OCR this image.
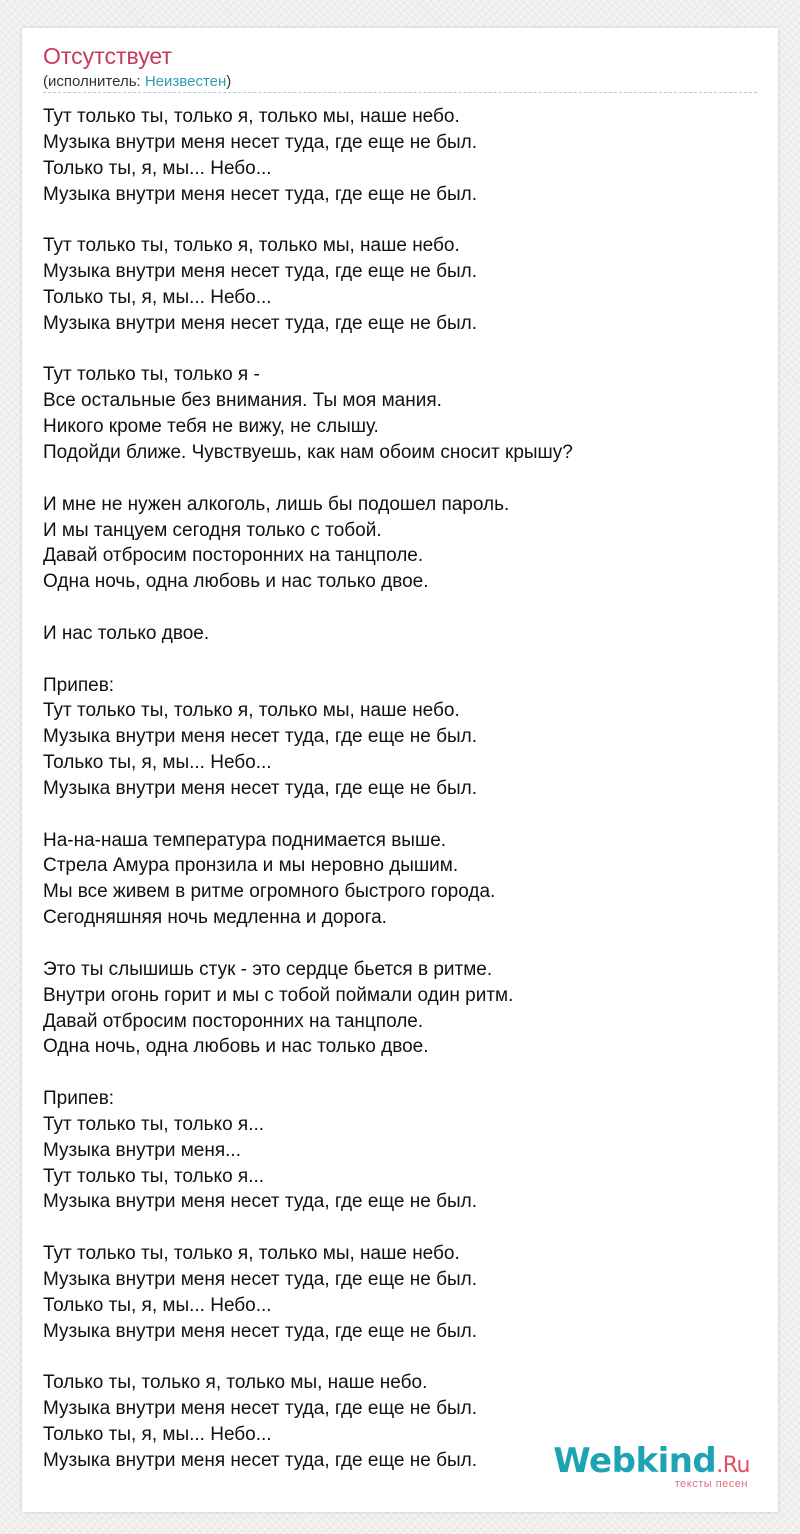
Отсутствует
(исполнитель: Неизвестен)
Тут только ты, только я, только мы, наше небо.
Музыка внутри меня несет туда, где еще не был.
Только ты, я, мы... Небо...
Музыка внутри меня несет туда, где еще не был.
Тут только ты, только я, только мы, наше небо.
Музыка внутри меня несет туда, где еще не был.
Только ты, я, мы... Небо...
Музыка внутри меня несет туда, где еще не был.
Тут только ты, только я -
Все остальные без внимания. Ты моя мания.
Никого кроме тебя не вижу, не слышу.
Подойди ближе. Чувствуешь, как нам обоим сносит крышу?
И мне не нужен алкоголь, лишь бы подошел пароль.
И мы танцуем сегодня только с тобой.
Давай отбросим посторонних на танцполе.
Одна ночь, одна любовь и нас только двое.
И нас только двое.
Припев:
Тут только ты, только я, только мы, наше небо.
Музыка внутри меня несет туда, где еще не был.
Только ты, я, мы... Небо...
Музыка внутри меня несет туда, где еще не был.
На-на-наша температура поднимается выше.
Стрела Амура пронзила и мы неровно дышим.
Мы все живем в ритме огромного быстрого города.
Сегодняшняя ночь медленна и дорога.
Это ты слышишь стук - это сердце бьется в ритме.
Внутри огонь горит и мы с тобой поймали один ритм.
Давай отбросим посторонних на танцполе.
Одна ночь, одна любовь и нас только двое.
Припев:
Тут только ты, только я...
Музыка внутри меня...
Тут только ты, только я...
Музыка внутри меня несет туда, где еще не был.
Тут только ты, только я, только мы, наше небо.
Музыка внутри меня несет туда, где еще не был.
Только ты, я, мы... Небо...
Музыка внутри меня несет туда, где еще не был.
Только ты, только я, только мы, наше небо.
Музыка внутри меня несет туда, где еще не был.
Только ты, я, мы... Небо...
Музыка внутри меня несет туда, где еще не был.	Webkind.Ru
тексты песен
